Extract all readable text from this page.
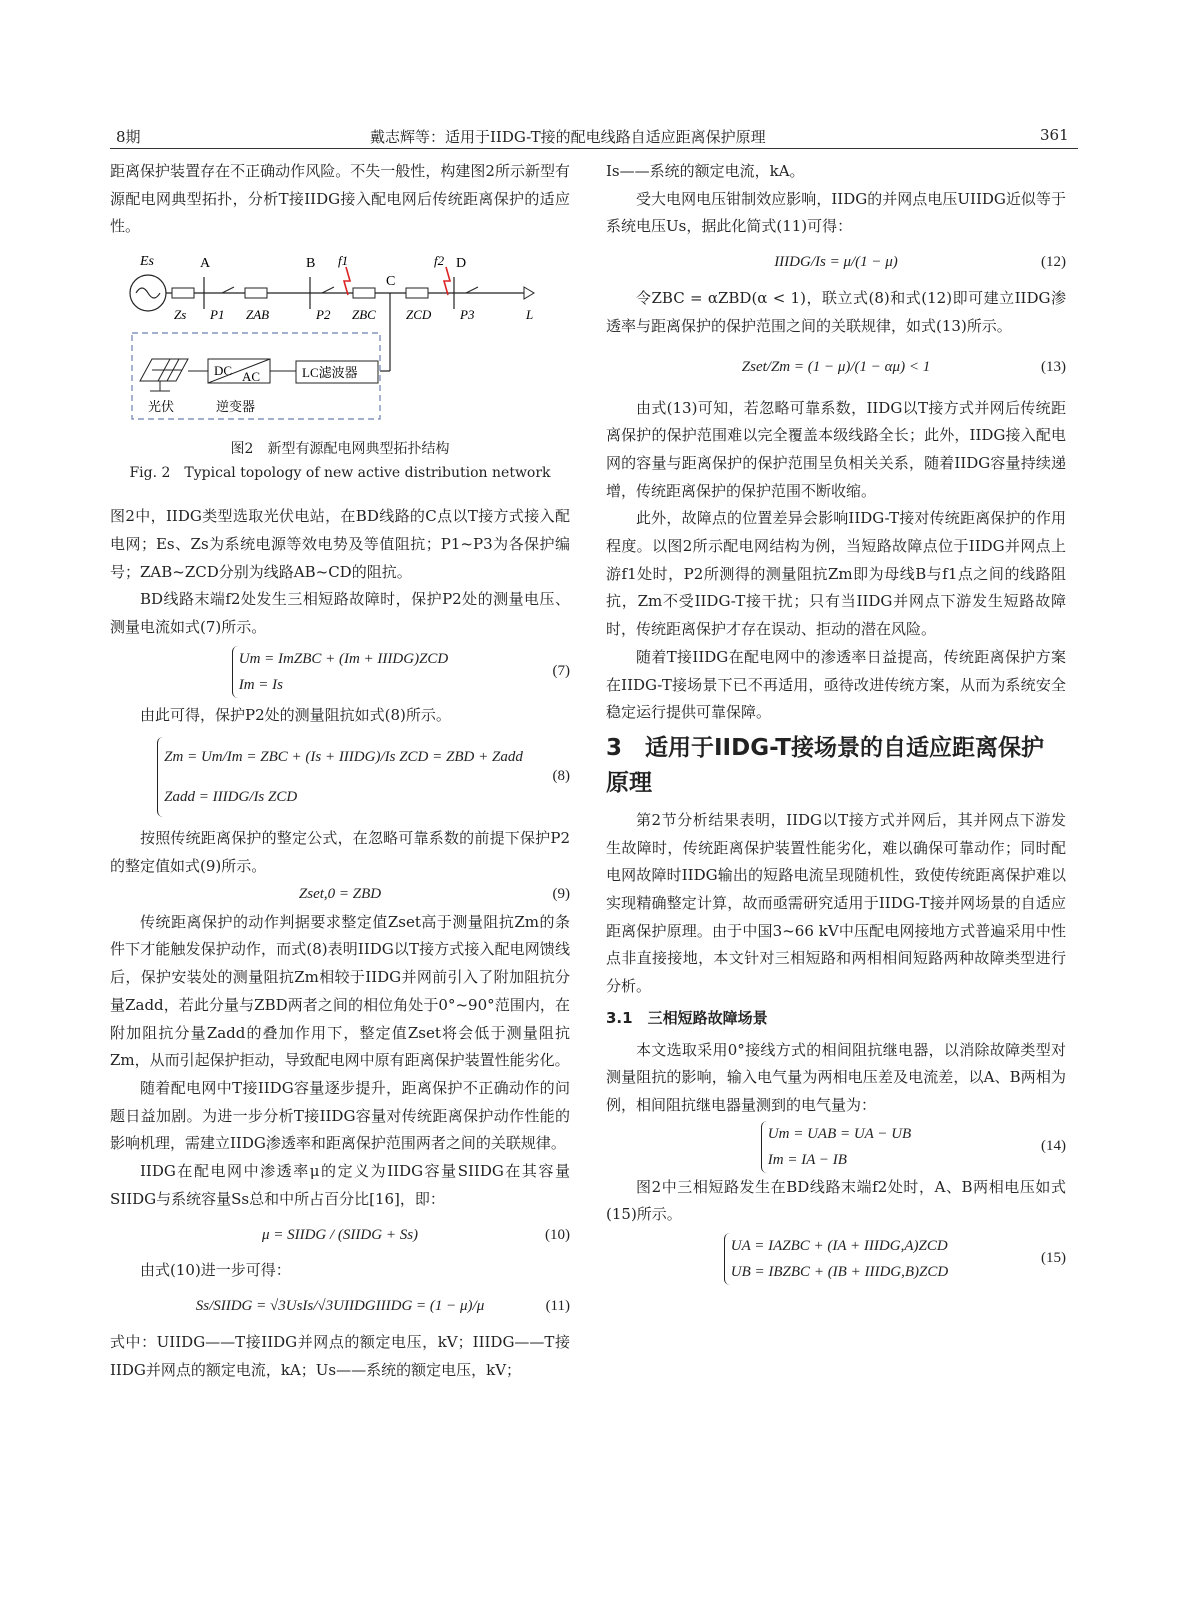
8期	戴志辉等：适用于IIDG-T接的配电线路自适应距离保护原理	361

距离保护装置存在不正确动作风险。不失一般性，构建图2所示新型有源配电网典型拓扑，分析T接IIDG接入配电网后传统距离保护的适应性。

Es	A	B
C
D
f1	f2
Zs P1 ZAB	P2 ZBC ZCD P3	L
DC AC	LC滤波器
光伏	逆变器
图2　新型有源配电网典型拓扑结构
Fig. 2　Typical topology of new active distribution network

图2中，IIDG类型选取光伏电站，在BD线路的C点以T接方式接入配电网；Es、Zs为系统电源等效电势及等值阻抗；P1~P3为各保护编号；ZAB~ZCD分别为线路AB~CD的阻抗。

BD线路末端f2处发生三相短路故障时，保护P2处的测量电压、测量电流如式(7)所示。

Um = ImZBC + (Im + IIIDG)ZCD
Im = Is
(7)

由此可得，保护P2处的测量阻抗如式(8)所示。

Zm = Um/Im = ZBC + (Is + IIIDG)/Is ZCD = ZBD + Zadd
Zadd = IIIDG/Is ZCD
(8)

按照传统距离保护的整定公式，在忽略可靠系数的前提下保护P2的整定值如式(9)所示。

Zset,0 = ZBD	(9)

传统距离保护的动作判据要求整定值Zset高于测量阻抗Zm的条件下才能触发保护动作，而式(8)表明IIDG以T接方式接入配电网馈线后，保护安装处的测量阻抗Zm相较于IIDG并网前引入了附加阻抗分量Zadd，若此分量与ZBD两者之间的相位角处于0°~90°范围内，在附加阻抗分量Zadd的叠加作用下，整定值Zset将会低于测量阻抗Zm，从而引起保护拒动，导致配电网中原有距离保护装置性能劣化。

随着配电网中T接IIDG容量逐步提升，距离保护不正确动作的问题日益加剧。为进一步分析T接IIDG容量对传统距离保护动作性能的影响机理，需建立IIDG渗透率和距离保护范围两者之间的关联规律。

IIDG在配电网中渗透率μ的定义为IIDG容量SIIDG在其容量SIIDG与系统容量Ss总和中所占百分比[16]，即：

μ = SIIDG / (SIIDG + Ss)	(10)

由式(10)进一步可得：

Ss/SIIDG = √3UsIs/√3UIIDGIIIDG = (1 − μ)/μ	(11)

式中：UIIDG——T接IIDG并网点的额定电压，kV；IIIDG——T接IIDG并网点的额定电流，kA；Us——系统的额定电压，kV；

Is——系统的额定电流，kA。

受大电网电压钳制效应影响，IIDG的并网点电压UIIDG近似等于系统电压Us，据此化简式(11)可得：

IIIDG/Is = μ/(1 − μ)	(12)

令ZBC = αZBD(α < 1)，联立式(8)和式(12)即可建立IIDG渗透率与距离保护的保护范围之间的关联规律，如式(13)所示。

Zset/Zm = (1 − μ)/(1 − αμ) < 1	(13)

由式(13)可知，若忽略可靠系数，IIDG以T接方式并网后传统距离保护的保护范围难以完全覆盖本级线路全长；此外，IIDG接入配电网的容量与距离保护的保护范围呈负相关关系，随着IIDG容量持续递增，传统距离保护的保护范围不断收缩。

此外，故障点的位置差异会影响IIDG-T接对传统距离保护的作用程度。以图2所示配电网结构为例，当短路故障点位于IIDG并网点上游f1处时，P2所测得的测量阻抗Zm即为母线B与f1点之间的线路阻抗，Zm不受IIDG-T接干扰；只有当IIDG并网点下游发生短路故障时，传统距离保护才存在误动、拒动的潜在风险。

随着T接IIDG在配电网中的渗透率日益提高，传统距离保护方案在IIDG-T接场景下已不再适用，亟待改进传统方案，从而为系统安全稳定运行提供可靠保障。

3　适用于IIDG-T接场景的自适应距离保护原理

第2节分析结果表明，IIDG以T接方式并网后，其并网点下游发生故障时，传统距离保护装置性能劣化，难以确保可靠动作；同时配电网故障时IIDG输出的短路电流呈现随机性，致使传统距离保护难以实现精确整定计算，故而亟需研究适用于IIDG-T接并网场景的自适应距离保护原理。由于中国3~66 kV中压配电网接地方式普遍采用中性点非直接接地，本文针对三相短路和两相相间短路两种故障类型进行分析。

3.1　三相短路故障场景

本文选取采用0°接线方式的相间阻抗继电器，以消除故障类型对测量阻抗的影响，输入电气量为两相电压差及电流差，以A、B两相为例，相间阻抗继电器量测到的电气量为：

Um = UAB = UA − UB
Im = IA − IB
(14)

图2中三相短路发生在BD线路末端f2处时，A、B两相电压如式(15)所示。

UA = IAZBC + (IA + IIIDG,A)ZCD
UB = IBZBC + (IB + IIIDG,B)ZCD
(15)
